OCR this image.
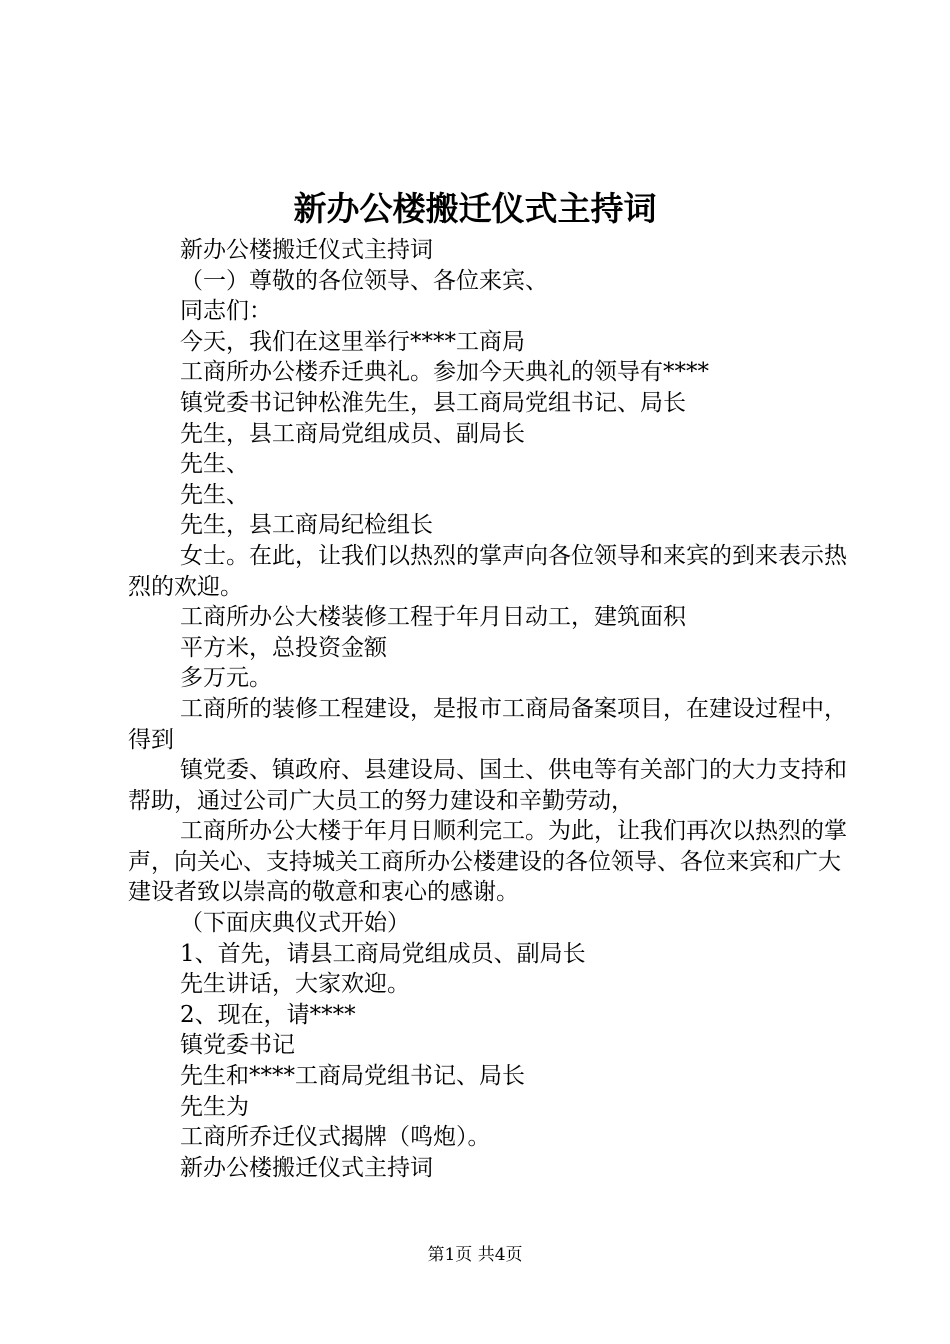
新办公楼搬迁仪式主持词

新办公楼搬迁仪式主持词

（一）尊敬的各位领导、各位来宾、

同志们：

今天，我们在这里举行****工商局

工商所办公楼乔迁典礼。参加今天典礼的领导有****

镇党委书记钟松淮先生，县工商局党组书记、局长

先生，县工商局党组成员、副局长

先生、

先生、

先生，县工商局纪检组长

女士。在此，让我们以热烈的掌声向各位领导和来宾的到来表示热烈的欢迎。

工商所办公大楼装修工程于年月日动工，建筑面积

平方米，总投资金额

多万元。

工商所的装修工程建设，是报市工商局备案项目，在建设过程中，得到

镇党委、镇政府、县建设局、国土、供电等有关部门的大力支持和帮助，通过公司广大员工的努力建设和辛勤劳动，

工商所办公大楼于年月日顺利完工。为此，让我们再次以热烈的掌声，向关心、支持城关工商所办公楼建设的各位领导、各位来宾和广大建设者致以崇高的敬意和衷心的感谢。

（下面庆典仪式开始）

1、首先，请县工商局党组成员、副局长

先生讲话，大家欢迎。

2、现在，请****

镇党委书记

先生和****工商局党组书记、局长

先生为

工商所乔迁仪式揭牌（鸣炮）。

新办公楼搬迁仪式主持词

第1页 共4页
